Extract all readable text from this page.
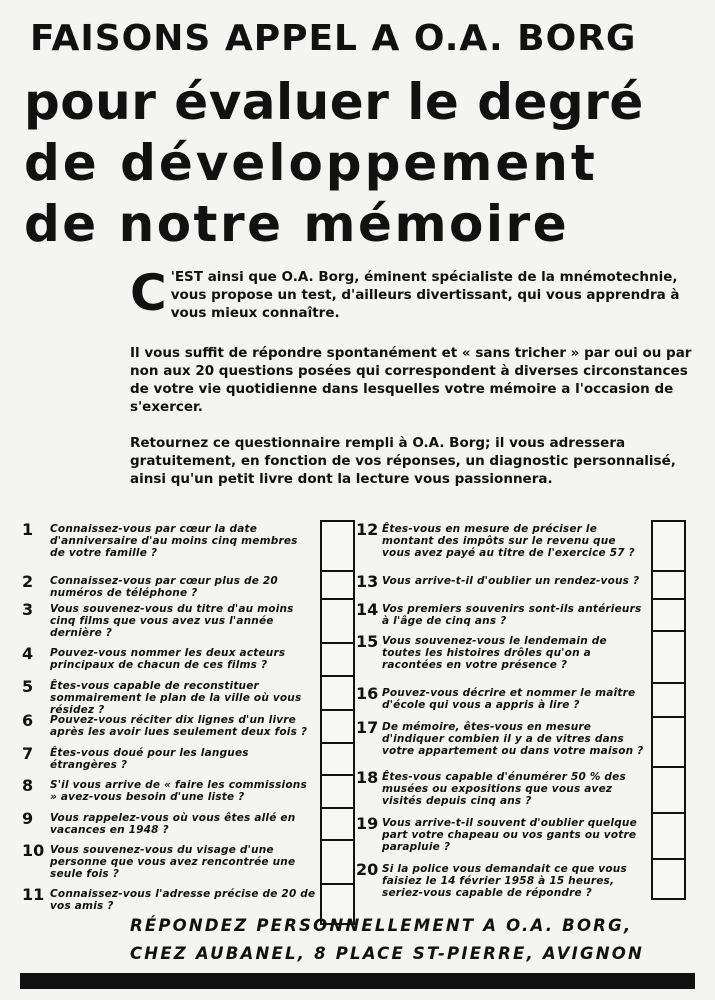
FAISONS APPEL A O.A. BORG
pour évaluer le degré
de développement
de notre mémoire
C 'EST ainsi que O.A. Borg, éminent spécialiste de la mnémotechnie, vous propose un test, d'ailleurs divertissant, qui vous apprendra à vous mieux connaître.
Il vous suffit de répondre spontanément et « sans tricher » par oui ou par non aux 20 questions posées qui correspondent à diverses circonstances de votre vie quotidienne dans lesquelles votre mémoire a l'occasion de s'exercer.
Retournez ce questionnaire rempli à O.A. Borg; il vous adressera gratuitement, en fonction de vos réponses, un diagnostic personnalisé, ainsi qu'un petit livre dont la lecture vous passionnera.
1	Connaissez-vous par cœur la date d'anniversaire d'au moins cinq membres de votre famille ?
2	Connaissez-vous par cœur plus de 20 numéros de téléphone ?
3	Vous souvenez-vous du titre d'au moins cinq films que vous avez vus l'année dernière ?
4	Pouvez-vous nommer les deux acteurs principaux de chacun de ces films ?
5	Êtes-vous capable de reconstituer sommairement le plan de la ville où vous résidez ?
6	Pouvez-vous réciter dix lignes d'un livre après les avoir lues seulement deux fois ?
7	Êtes-vous doué pour les langues étrangères ?
8	S'il vous arrive de « faire les commissions » avez-vous besoin d'une liste ?
9	Vous rappelez-vous où vous êtes allé en vacances en 1948 ?
10 Vous souvenez-vous du visage d'une personne que vous avez rencontrée une seule fois ?
11 Connaissez-vous l'adresse précise de 20 de vos amis ?
12 Êtes-vous en mesure de préciser le montant des impôts sur le revenu que vous avez payé au titre de l'exercice 57 ?
13 Vous arrive-t-il d'oublier un rendez-vous ?
14 Vos premiers souvenirs sont-ils antérieurs à l'âge de cinq ans ?
15 Vous souvenez-vous le lendemain de toutes les histoires drôles qu'on a racontées en votre présence ?
16 Pouvez-vous décrire et nommer le maître d'école qui vous a appris à lire ?
17 De mémoire, êtes-vous en mesure d'indiquer combien il y a de vitres dans votre appartement ou dans votre maison ?
18 Êtes-vous capable d'énumérer 50 % des musées ou expositions que vous avez visités depuis cinq ans ?
19 Vous arrive-t-il souvent d'oublier quelque part votre chapeau ou vos gants ou votre parapluie ?
20 Si la police vous demandait ce que vous faisiez le 14 février 1958 à 15 heures, seriez-vous capable de répondre ?
RÉPONDEZ PERSONNELLEMENT A O.A. BORG,
CHEZ AUBANEL, 8 PLACE ST-PIERRE, AVIGNON
